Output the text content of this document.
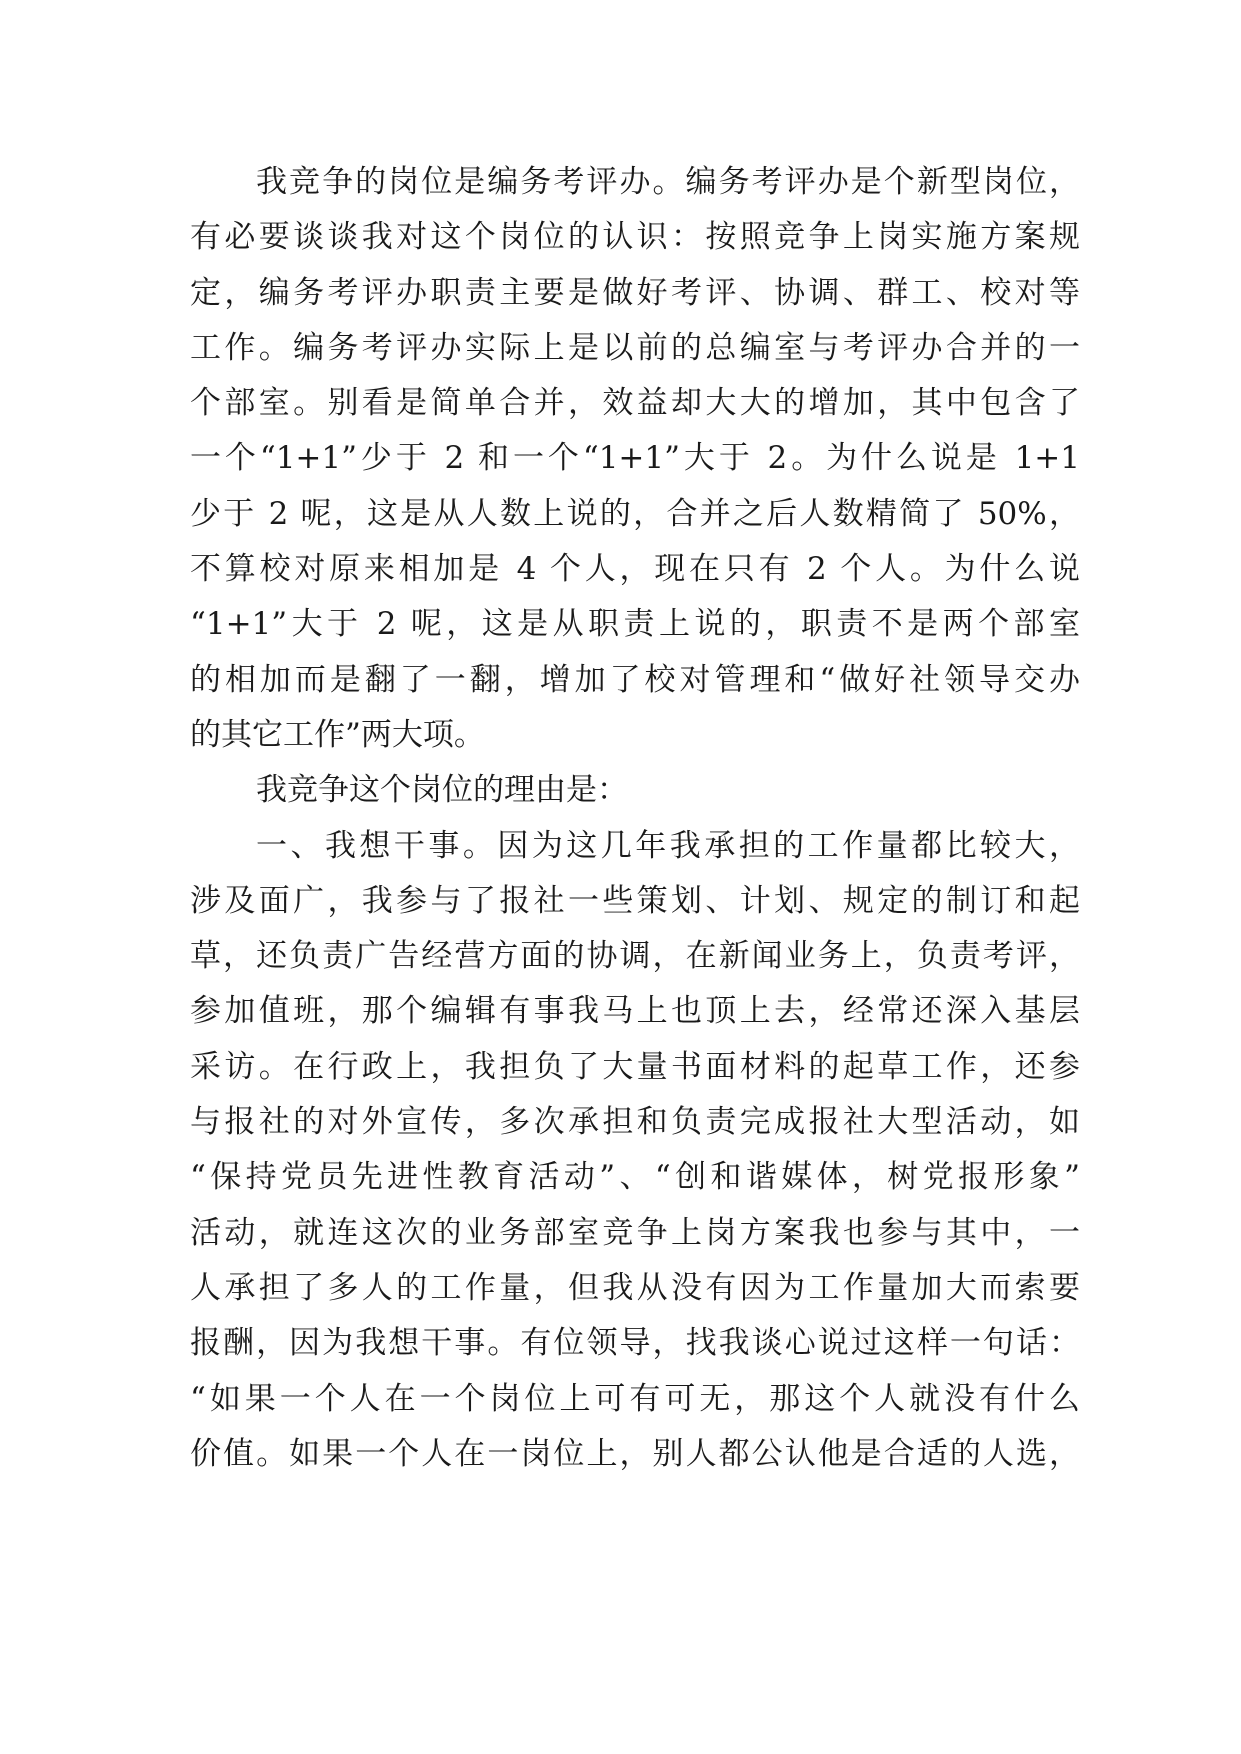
我竞争的岗位是编务考评办。编务考评办是个新型岗位，
有必要谈谈我对这个岗位的认识：按照竞争上岗实施方案规
定，编务考评办职责主要是做好考评、协调、群工、校对等
工作。编务考评办实际上是以前的总编室与考评办合并的一
个部室。别看是简单合并，效益却大大的增加，其中包含了
一个“1+1”少于 2 和一个“1+1”大于 2。为什么说是 1+1
少于 2 呢，这是从人数上说的，合并之后人数精简了 50%，
不算校对原来相加是 4 个人，现在只有 2 个人。为什么说
“1+1”大于 2 呢，这是从职责上说的，职责不是两个部室
的相加而是翻了一翻，增加了校对管理和“做好社领导交办
的其它工作”两大项。
我竞争这个岗位的理由是：
一、我想干事。因为这几年我承担的工作量都比较大，
涉及面广，我参与了报社一些策划、计划、规定的制订和起
草，还负责广告经营方面的协调，在新闻业务上，负责考评，
参加值班，那个编辑有事我马上也顶上去，经常还深入基层
采访。在行政上，我担负了大量书面材料的起草工作，还参
与报社的对外宣传，多次承担和负责完成报社大型活动，如
“保持党员先进性教育活动”、“创和谐媒体，树党报形象”
活动，就连这次的业务部室竞争上岗方案我也参与其中，一
人承担了多人的工作量，但我从没有因为工作量加大而索要
报酬，因为我想干事。有位领导，找我谈心说过这样一句话：
“如果一个人在一个岗位上可有可无，那这个人就没有什么
价值。如果一个人在一岗位上，别人都公认他是合适的人选，
